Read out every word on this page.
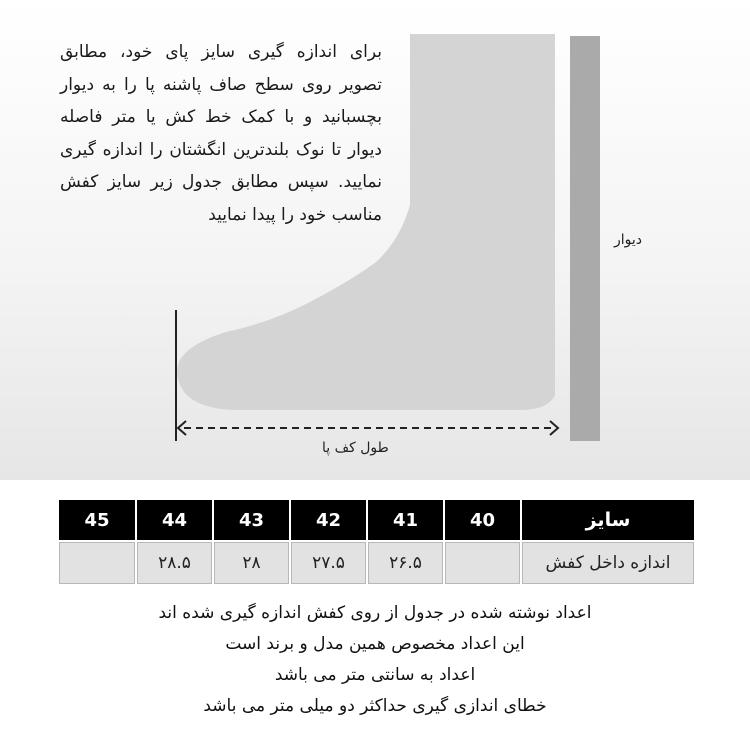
برای اندازه گیری سایز پای خود، مطابق تصویر روی سطح صاف پاشنه پا را به دیوار بچسبانید و با کمک خط کش یا متر فاصله دیوار تا نوک بلندترین انگشتان را اندازه گیری نمایید. سپس مطابق جدول زیر سایز کفش مناسب خود را پیدا نمایید

دیوار
طول کف پا
سایز	40	41	42	43	44	45
اندازه داخل کفش		۲۶.۵	۲۷.۵	۲۸	۲۸.۵	
اعداد نوشته شده در جدول از روی کفش اندازه گیری شده اند
این اعداد مخصوص همین مدل و برند است
اعداد به سانتی متر می باشد
خطای اندازی گیری حداکثر دو میلی متر می باشد
